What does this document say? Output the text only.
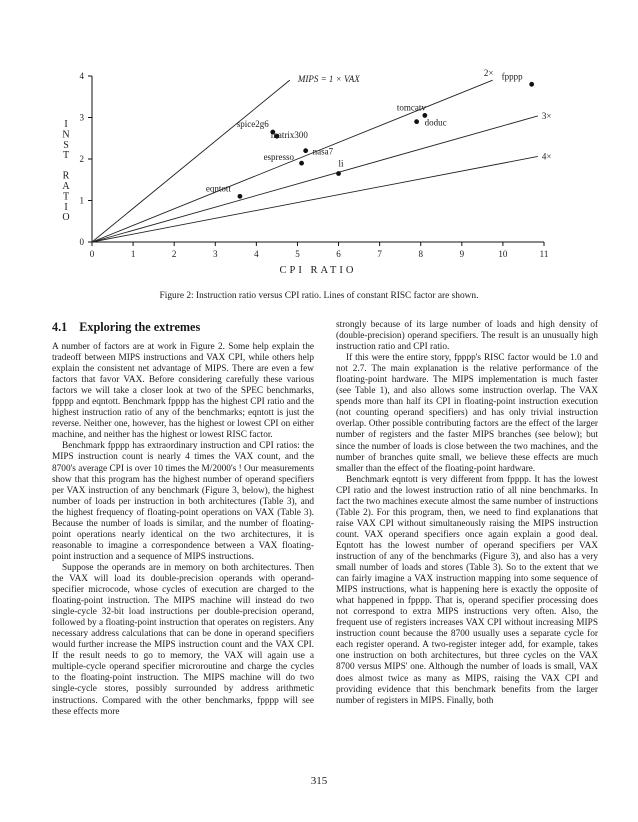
0	1	2	3	4	5	6	7	8	9	10	11
0
1
2
3
4
CPI RATIO
I N S T R A T I O
MIPS = 1 × VAX
2×
3×
4×
fpppp
tomcatv
doduc
spice2g6
matrix300
nasa7
espresso
li
eqntott
Figure 2: Instruction ratio versus CPI ratio. Lines of constant RISC factor are shown.
4.1 Exploring the extremes

A number of factors are at work in Figure 2. Some help explain the tradeoff between MIPS instructions and VAX CPI, while others help explain the consistent net advantage of MIPS. There are even a few factors that favor VAX. Before considering carefully these various factors we will take a closer look at two of the SPEC benchmarks, fpppp and eqntott. Benchmark fpppp has the highest CPI ratio and the highest instruction ratio of any of the benchmarks; eqntott is just the reverse. Neither one, however, has the highest or lowest CPI on either machine, and neither has the highest or lowest RISC factor.

Benchmark fpppp has extraordinary instruction and CPI ratios: the MIPS instruction count is nearly 4 times the VAX count, and the 8700's average CPI is over 10 times the M/2000's ! Our measurements show that this program has the highest number of operand specifiers per VAX instruction of any benchmark (Figure 3, below), the highest number of loads per instruction in both architectures (Table 3), and the highest frequency of floating-point operations on VAX (Table 3). Because the number of loads is similar, and the number of floating-point operations nearly identical on the two architectures, it is reasonable to imagine a correspondence between a VAX floating-point instruction and a sequence of MIPS instructions.

Suppose the operands are in memory on both architectures. Then the VAX will load its double-precision operands with operand-specifier microcode, whose cycles of execution are charged to the floating-point instruction. The MIPS machine will instead do two single-cycle 32-bit load instructions per double-precision operand, followed by a floating-point instruction that operates on registers. Any necessary address calculations that can be done in operand specifiers would further increase the MIPS instruction count and the VAX CPI. If the result needs to go to memory, the VAX will again use a multiple-cycle operand specifier microroutine and charge the cycles to the floating-point instruction. The MIPS machine will do two single-cycle stores, possibly surrounded by address arithmetic instructions. Compared with the other benchmarks, fpppp will see these effects more

strongly because of its large number of loads and high density of (double-precision) operand specifiers. The result is an unusually high instruction ratio and CPI ratio.

If this were the entire story, fpppp's RISC factor would be 1.0 and not 2.7. The main explanation is the relative performance of the floating-point hardware. The MIPS implementation is much faster (see Table 1), and also allows some instruction overlap. The VAX spends more than half its CPI in floating-point instruction execution (not counting operand specifiers) and has only trivial instruction overlap. Other possible contributing factors are the effect of the larger number of registers and the faster MIPS branches (see below); but since the number of loads is close between the two machines, and the number of branches quite small, we believe these effects are much smaller than the effect of the floating-point hardware.

Benchmark eqntott is very different from fpppp. It has the lowest CPI ratio and the lowest instruction ratio of all nine benchmarks. In fact the two machines execute almost the same number of instructions (Table 2). For this program, then, we need to find explanations that raise VAX CPI without simultaneously raising the MIPS instruction count. VAX operand specifiers once again explain a good deal. Eqntott has the lowest number of operand specifiers per VAX instruction of any of the benchmarks (Figure 3), and also has a very small number of loads and stores (Table 3). So to the extent that we can fairly imagine a VAX instruction mapping into some sequence of MIPS instructions, what is happening here is exactly the opposite of what happened in fpppp. That is, operand specifier processing does not correspond to extra MIPS instructions very often. Also, the frequent use of registers increases VAX CPI without increasing MIPS instruction count because the 8700 usually uses a separate cycle for each register operand. A two-register integer add, for example, takes one instruction on both architectures, but three cycles on the VAX 8700 versus MIPS' one. Although the number of loads is small, VAX does almost twice as many as MIPS, raising the VAX CPI and providing evidence that this benchmark benefits from the larger number of registers in MIPS. Finally, both

315
